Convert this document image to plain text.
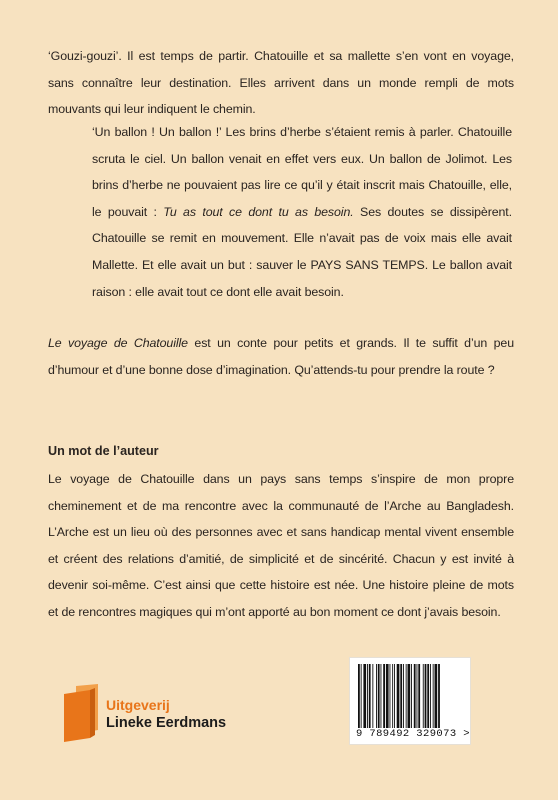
‘Gouzi-gouzi’. Il est temps de partir. Chatouille et sa mallette s’en vont en voyage, sans connaître leur destination. Elles arrivent dans un monde rempli de mots mouvants qui leur indiquent le chemin.

‘Un ballon ! Un ballon !’ Les brins d’herbe s’étaient remis à parler. Chatouille scruta le ciel. Un ballon venait en effet vers eux. Un ballon de Jolimot. Les brins d’herbe ne pouvaient pas lire ce qu’il y était inscrit mais Chatouille, elle, le pouvait : Tu as tout ce dont tu as besoin. Ses doutes se dissipèrent. Chatouille se remit en mouvement. Elle n’avait pas de voix mais elle avait Mallette. Et elle avait un but : sauver le PAYS SANS TEMPS. Le ballon avait raison : elle avait tout ce dont elle avait besoin.

Le voyage de Chatouille est un conte pour petits et grands. Il te suffit d’un peu d’humour et d’une bonne dose d’imagination. Qu’attends-tu pour prendre la route ?

Un mot de l’auteur

Le voyage de Chatouille dans un pays sans temps s’inspire de mon propre cheminement et de ma rencontre avec la communauté de l’Arche au Bangladesh. L’Arche est un lieu où des personnes avec et sans handicap mental vivent ensemble et créent des relations d’amitié, de simplicité et de sincérité. Chacun y est invité à devenir soi-même. C’est ainsi que cette histoire est née. Une histoire pleine de mots et de rencontres magiques qui m’ont apporté au bon moment ce dont j’avais besoin.

Uitgeverij
Lineke Eerdmans
9 789492 329073 >
